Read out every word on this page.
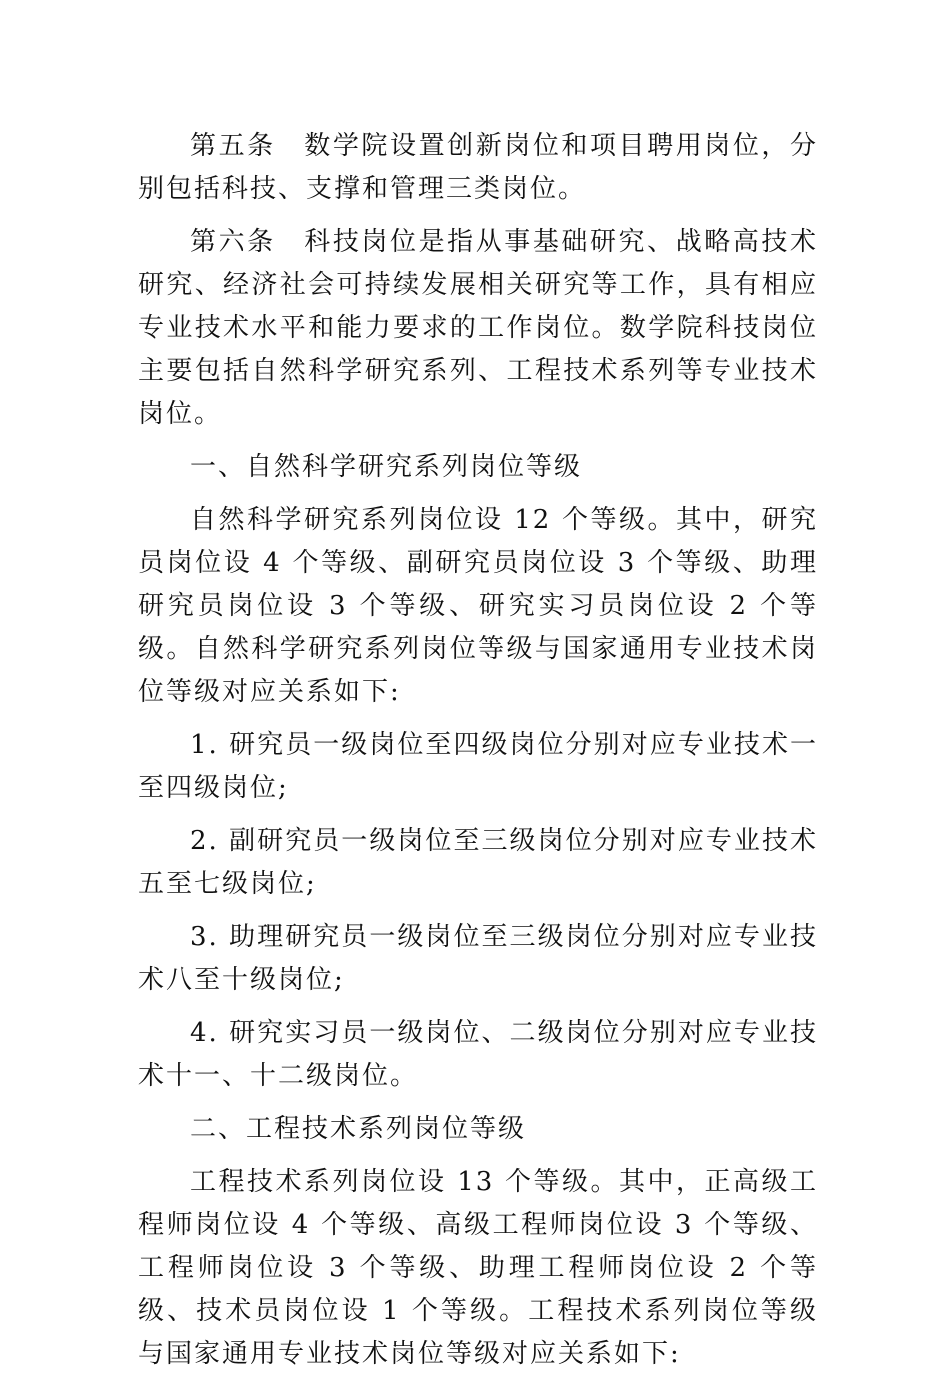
第五条　数学院设置创新岗位和项目聘用岗位，分别包括科技、支撑和管理三类岗位。

第六条　科技岗位是指从事基础研究、战略高技术研究、经济社会可持续发展相关研究等工作，具有相应专业技术水平和能力要求的工作岗位。数学院科技岗位主要包括自然科学研究系列、工程技术系列等专业技术岗位。

一、自然科学研究系列岗位等级

自然科学研究系列岗位设 12 个等级。其中，研究员岗位设 4 个等级、副研究员岗位设 3 个等级、助理研究员岗位设 3 个等级、研究实习员岗位设 2 个等级。自然科学研究系列岗位等级与国家通用专业技术岗位等级对应关系如下:

1. 研究员一级岗位至四级岗位分别对应专业技术一至四级岗位;

2. 副研究员一级岗位至三级岗位分别对应专业技术五至七级岗位;

3. 助理研究员一级岗位至三级岗位分别对应专业技术八至十级岗位;

4. 研究实习员一级岗位、二级岗位分别对应专业技术十一、十二级岗位。

二、工程技术系列岗位等级

工程技术系列岗位设 13 个等级。其中，正高级工程师岗位设 4 个等级、高级工程师岗位设 3 个等级、工程师岗位设 3 个等级、助理工程师岗位设 2 个等级、技术员岗位设 1 个等级。工程技术系列岗位等级与国家通用专业技术岗位等级对应关系如下:
